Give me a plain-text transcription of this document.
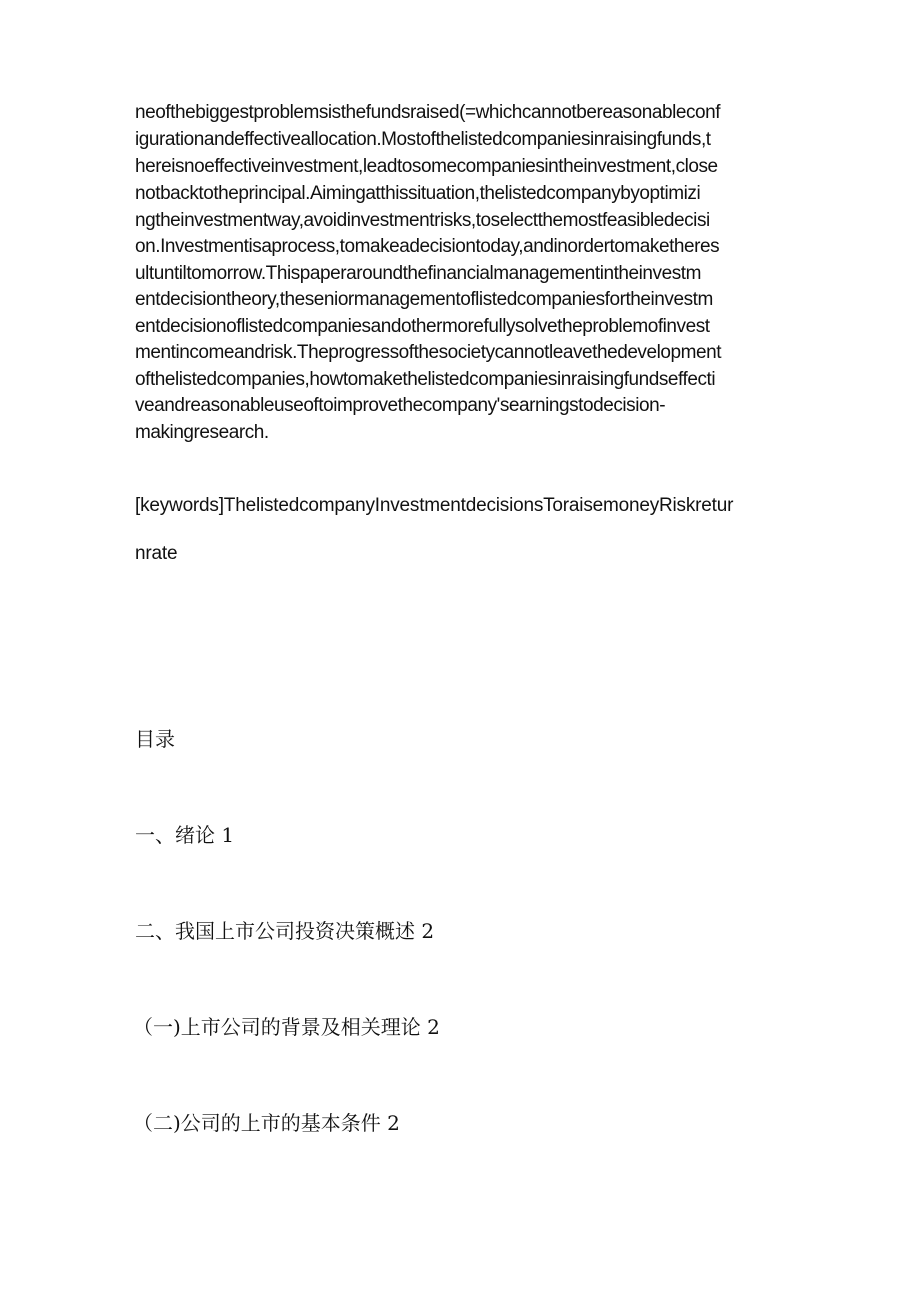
neofthebiggestproblemsisthefundsraised(=whichcannotbereasonableconf

igurationandeffectiveallocation.Mostofthelistedcompaniesinraisingfunds,t

hereisnoeffectiveinvestment,leadtosomecompaniesintheinvestment,close

notbacktotheprincipal.Aimingatthissituation,thelistedcompanybyoptimizi

ngtheinvestmentway,avoidinvestmentrisks,toselectthemostfeasibledecisi

on.Investmentisaprocess,tomakeadecisiontoday,andinordertomaketheres

ultuntiltomorrow.Thispaperaroundthefinancialmanagementintheinvestm

entdecisiontheory,theseniormanagementoflistedcompaniesfortheinvestm

entdecisionoflistedcompaniesandothermorefullysolvetheproblemofinvest

mentincomeandrisk.Theprogressofthesocietycannotleavethedevelopment

ofthelistedcompanies,howtomakethelistedcompaniesinraisingfundseffecti

veandreasonableuseoftoimprovethecompany'searningstodecision-

makingresearch.

[keywords]ThelistedcompanyInvestmentdecisionsToraisemoneyRiskretur

nrate

目录

一、绪论 1

二、我国上市公司投资决策概述 2

（一)上市公司的背景及相关理论 2

（二)公司的上市的基本条件 2
